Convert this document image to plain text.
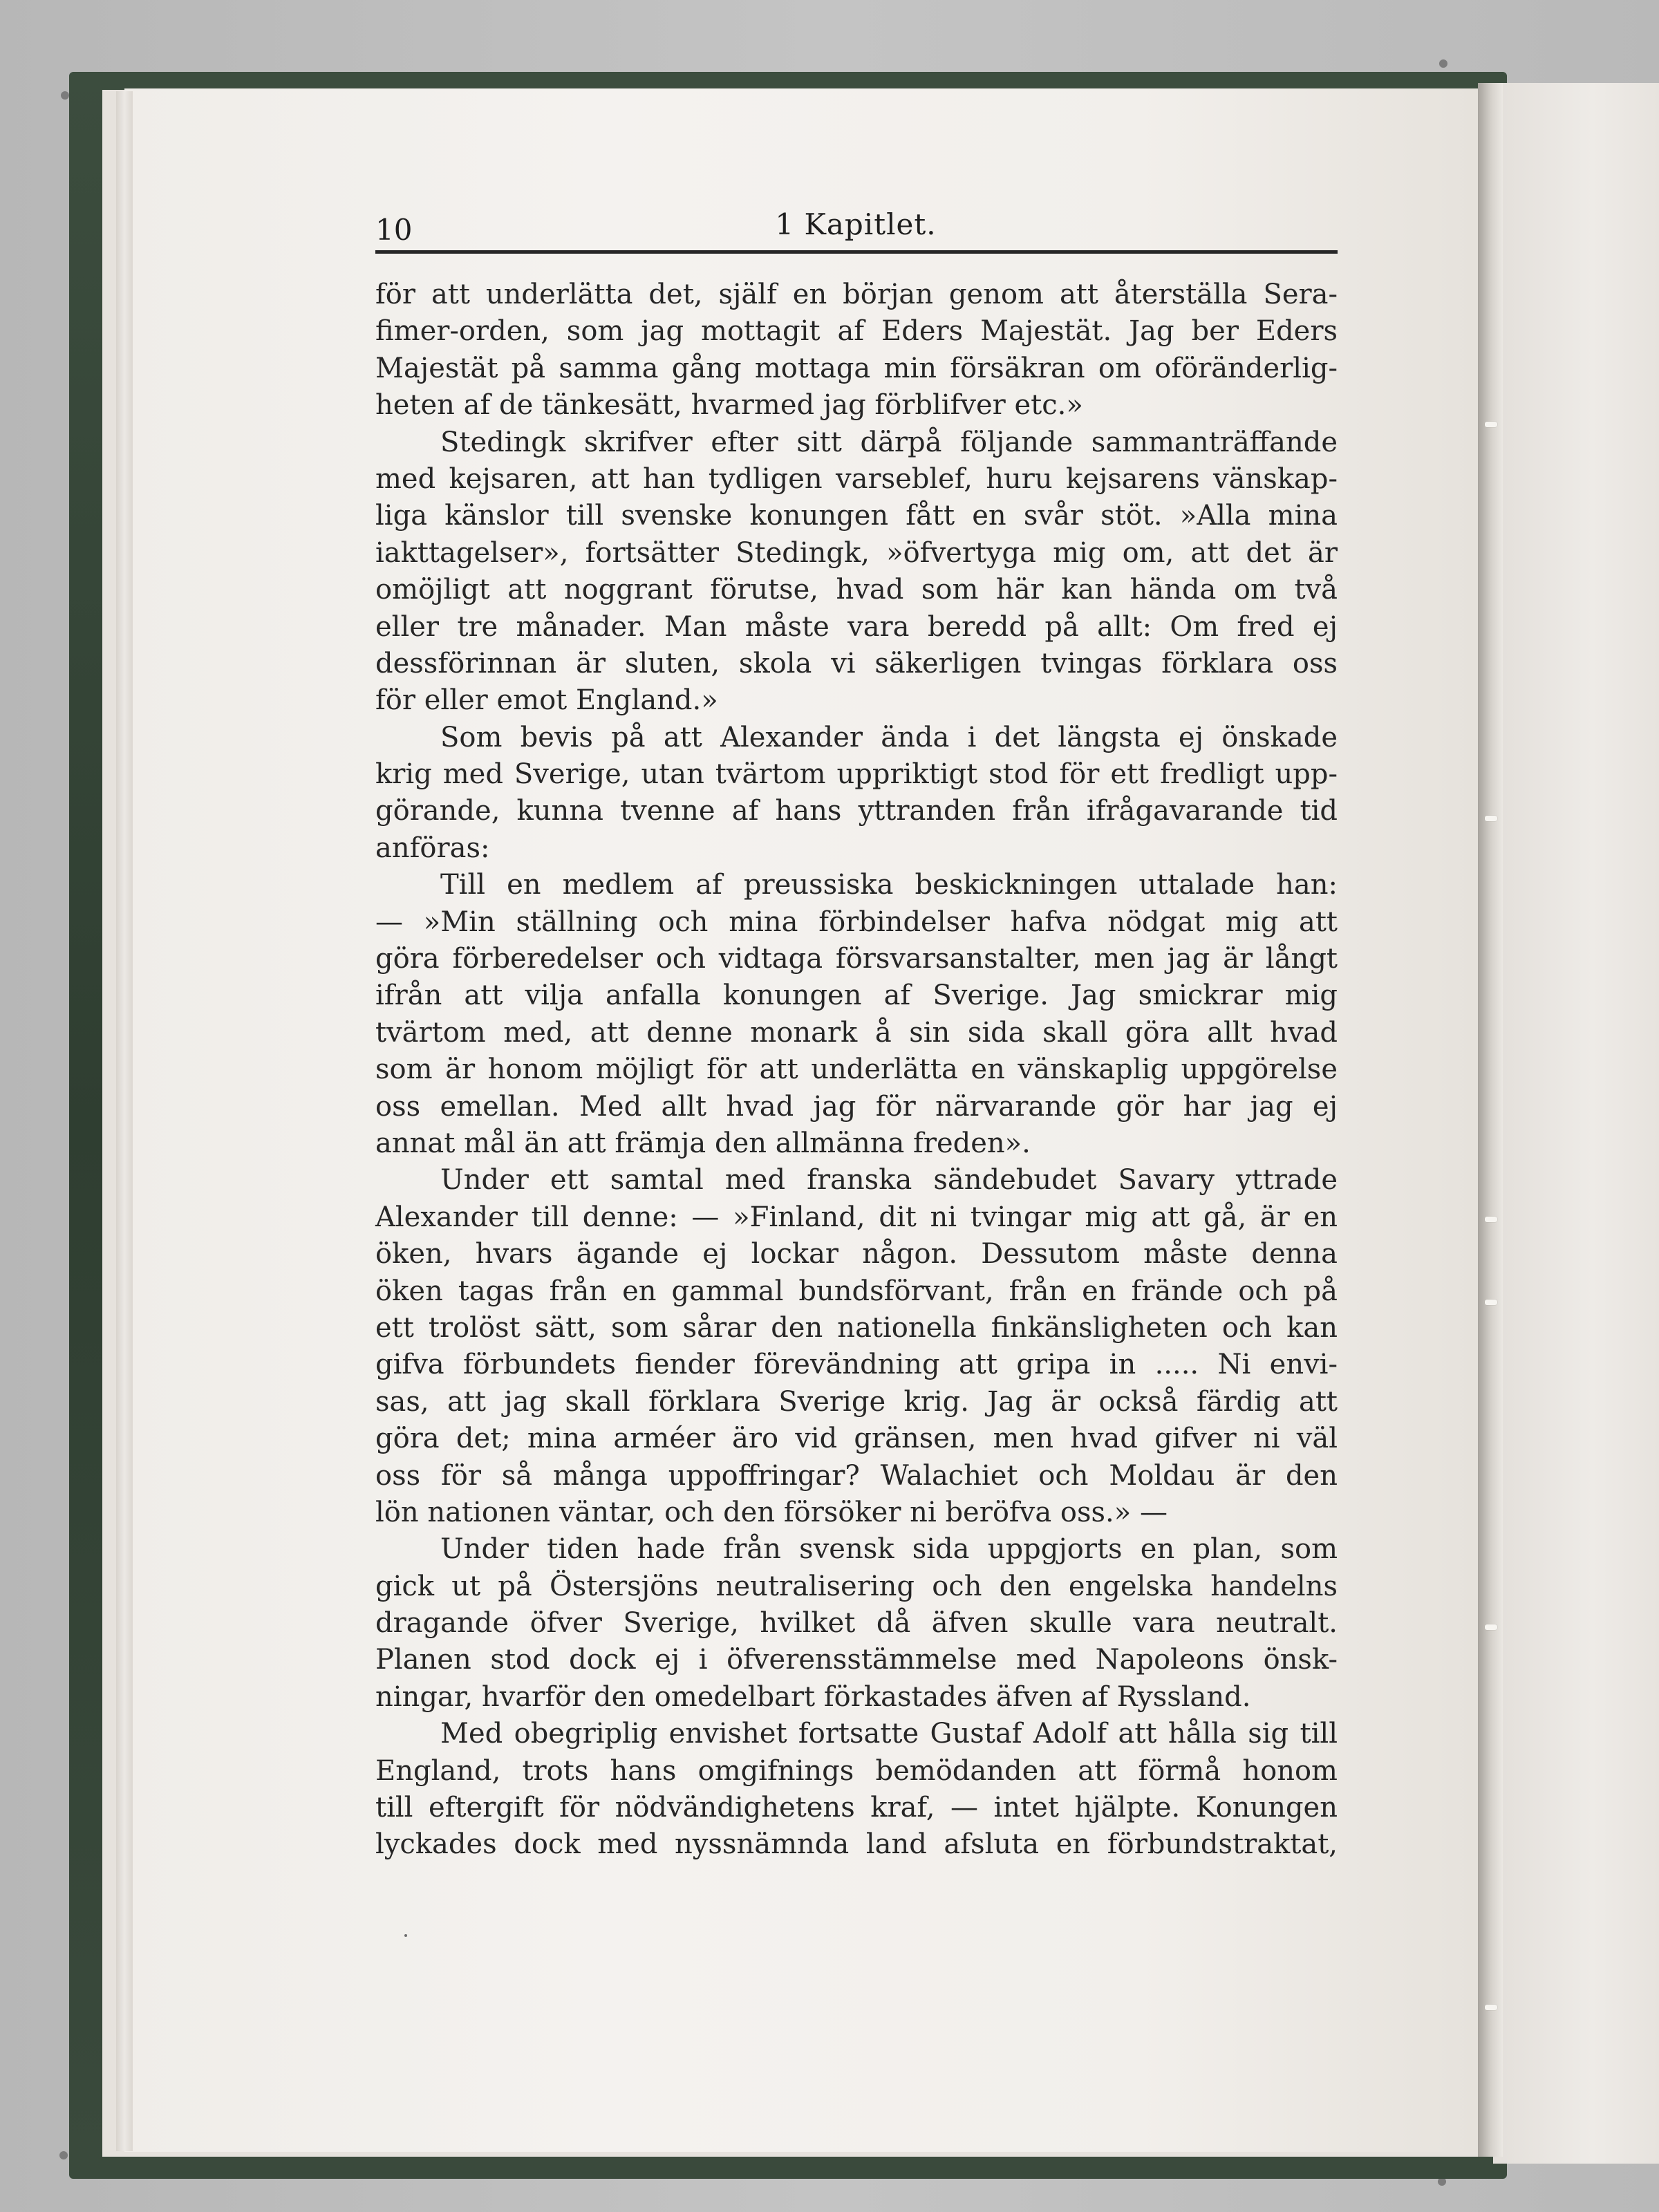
10	1 Kapitlet.
för att underlätta det, själf en början genom att återställa Sera-
fimer-orden, som jag mottagit af Eders Majestät. Jag ber Eders
Majestät på samma gång mottaga min försäkran om oföränderlig-
heten af de tänkesätt, hvarmed jag förblifver etc.»
Stedingk skrifver efter sitt därpå följande sammanträffande
med kejsaren, att han tydligen varseblef, huru kejsarens vänskap-
liga känslor till svenske konungen fått en svår stöt. »Alla mina
iakttagelser», fortsätter Stedingk, »öfvertyga mig om, att det är
omöjligt att noggrant förutse, hvad som här kan hända om två
eller tre månader. Man måste vara beredd på allt: Om fred ej
dessförinnan är sluten, skola vi säkerligen tvingas förklara oss
för eller emot England.»
Som bevis på att Alexander ända i det längsta ej önskade
krig med Sverige, utan tvärtom uppriktigt stod för ett fredligt upp-
görande, kunna tvenne af hans yttranden från ifrågavarande tid
anföras:
Till en medlem af preussiska beskickningen uttalade han:
— »Min ställning och mina förbindelser hafva nödgat mig att
göra förberedelser och vidtaga försvarsanstalter, men jag är långt
ifrån att vilja anfalla konungen af Sverige. Jag smickrar mig
tvärtom med, att denne monark å sin sida skall göra allt hvad
som är honom möjligt för att underlätta en vänskaplig uppgörelse
oss emellan. Med allt hvad jag för närvarande gör har jag ej
annat mål än att främja den allmänna freden».
Under ett samtal med franska sändebudet Savary yttrade
Alexander till denne: — »Finland, dit ni tvingar mig att gå, är en
öken, hvars ägande ej lockar någon. Dessutom måste denna
öken tagas från en gammal bundsförvant, från en frände och på
ett trolöst sätt, som sårar den nationella finkänsligheten och kan
gifva förbundets fiender förevändning att gripa in ..... Ni envi-
sas, att jag skall förklara Sverige krig. Jag är också färdig att
göra det; mina arméer äro vid gränsen, men hvad gifver ni väl
oss för så många uppoffringar? Walachiet och Moldau är den
lön nationen väntar, och den försöker ni beröfva oss.» —
Under tiden hade från svensk sida uppgjorts en plan, som
gick ut på Östersjöns neutralisering och den engelska handelns
dragande öfver Sverige, hvilket då äfven skulle vara neutralt.
Planen stod dock ej i öfverensstämmelse med Napoleons önsk-
ningar, hvarför den omedelbart förkastades äfven af Ryssland.
Med obegriplig envishet fortsatte Gustaf Adolf att hålla sig till
England, trots hans omgifnings bemödanden att förmå honom
till eftergift för nödvändighetens kraf, — intet hjälpte. Konungen
lyckades dock med nyssnämnda land afsluta en förbundstraktat,
